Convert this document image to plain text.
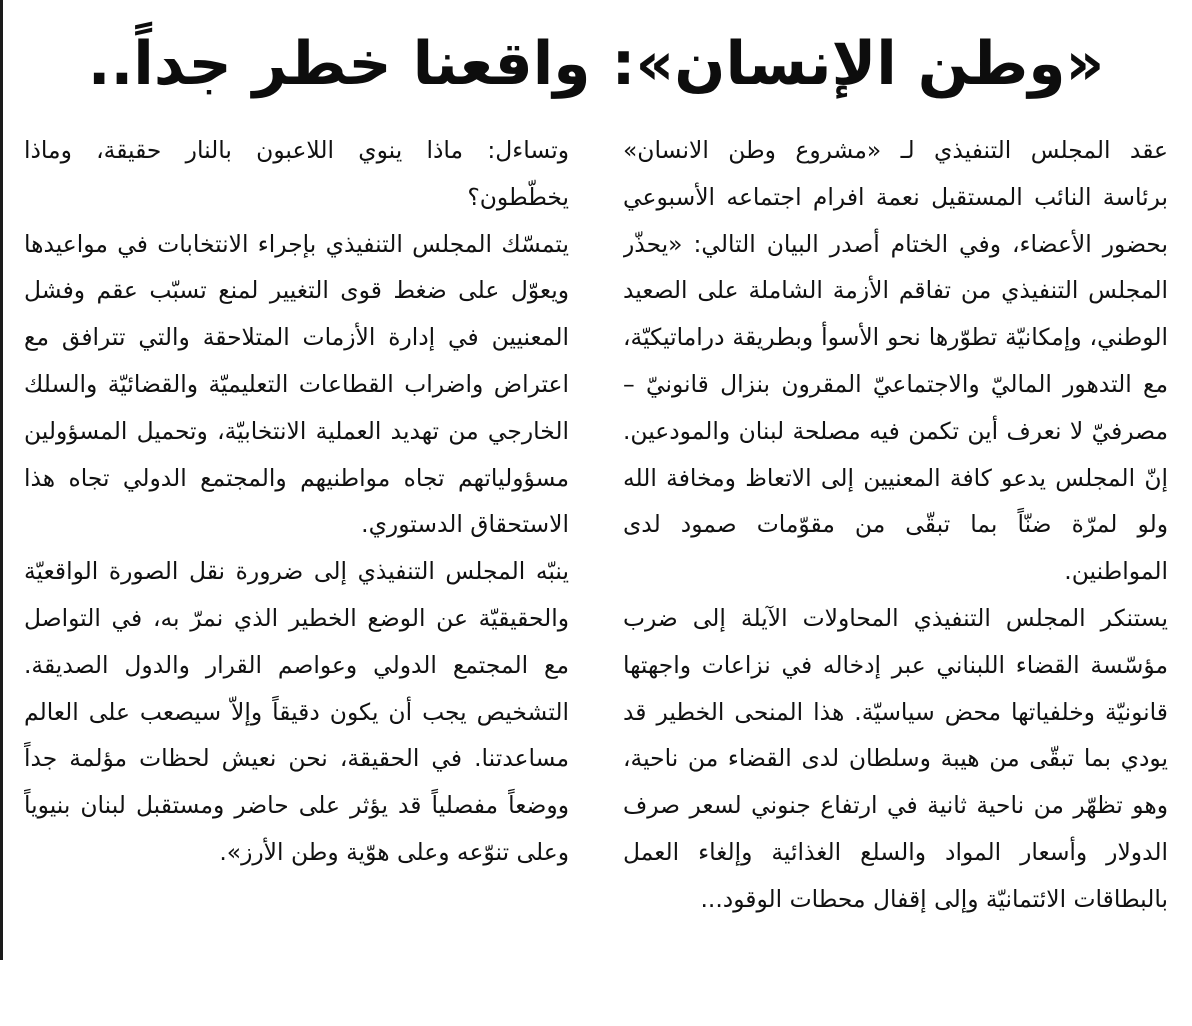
«وطن الإنسان»: واقعنا خطر جداً..

عقد المجلس التنفيذي لـ «مشروع وطن الانسان» برئاسة النائب المستقيل نعمة افرام اجتماعه الأسبوعي بحضور الأعضاء، وفي الختام أصدر البيان التالي: «يحذّر المجلس التنفيذي من تفاقم الأزمة الشاملة على الصعيد الوطني، وإمكانيّة تطوّرها نحو الأسوأ وبطريقة دراماتيكيّة، مع التدهور الماليّ والاجتماعيّ المقرون بنزال قانونيّ – مصرفيّ لا نعرف أين تكمن فيه مصلحة لبنان والمودعين. إنّ المجلس يدعو كافة المعنيين إلى الاتعاظ ومخافة الله ولو لمرّة ضنّاً بما تبقّى من مقوّمات صمود لدى المواطنين.

يستنكر المجلس التنفيذي المحاولات الآيلة إلى ضرب مؤسّسة القضاء اللبناني عبر إدخاله في نزاعات واجهتها قانونيّة وخلفياتها محض سياسيّة. هذا المنحى الخطير قد يودي بما تبقّى من هيبة وسلطان لدى القضاء من ناحية، وهو تظهّر من ناحية ثانية في ارتفاع جنوني لسعر صرف الدولار وأسعار المواد والسلع الغذائية وإلغاء العمل بالبطاقات الائتمانيّة وإلى إقفال محطات الوقود...

وتساءل: ماذا ينوي اللاعبون بالنار حقيقة، وماذا يخطّطون؟

يتمسّك المجلس التنفيذي بإجراء الانتخابات في مواعيدها ويعوّل على ضغط قوى التغيير لمنع تسبّب عقم وفشل المعنيين في إدارة الأزمات المتلاحقة والتي تترافق مع اعتراض واضراب القطاعات التعليميّة والقضائيّة والسلك الخارجي من تهديد العملية الانتخابيّة، وتحميل المسؤولين مسؤولياتهم تجاه مواطنيهم والمجتمع الدولي تجاه هذا الاستحقاق الدستوري.

ينبّه المجلس التنفيذي إلى ضرورة نقل الصورة الواقعيّة والحقيقيّة عن الوضع الخطير الذي نمرّ به، في التواصل مع المجتمع الدولي وعواصم القرار والدول الصديقة. التشخيص يجب أن يكون دقيقاً وإلاّ سيصعب على العالم مساعدتنا. في الحقيقة، نحن نعيش لحظات مؤلمة جداً ووضعاً مفصلياً قد يؤثر على حاضر ومستقبل لبنان بنيوياً وعلى تنوّعه وعلى هوّية وطن الأرز».
